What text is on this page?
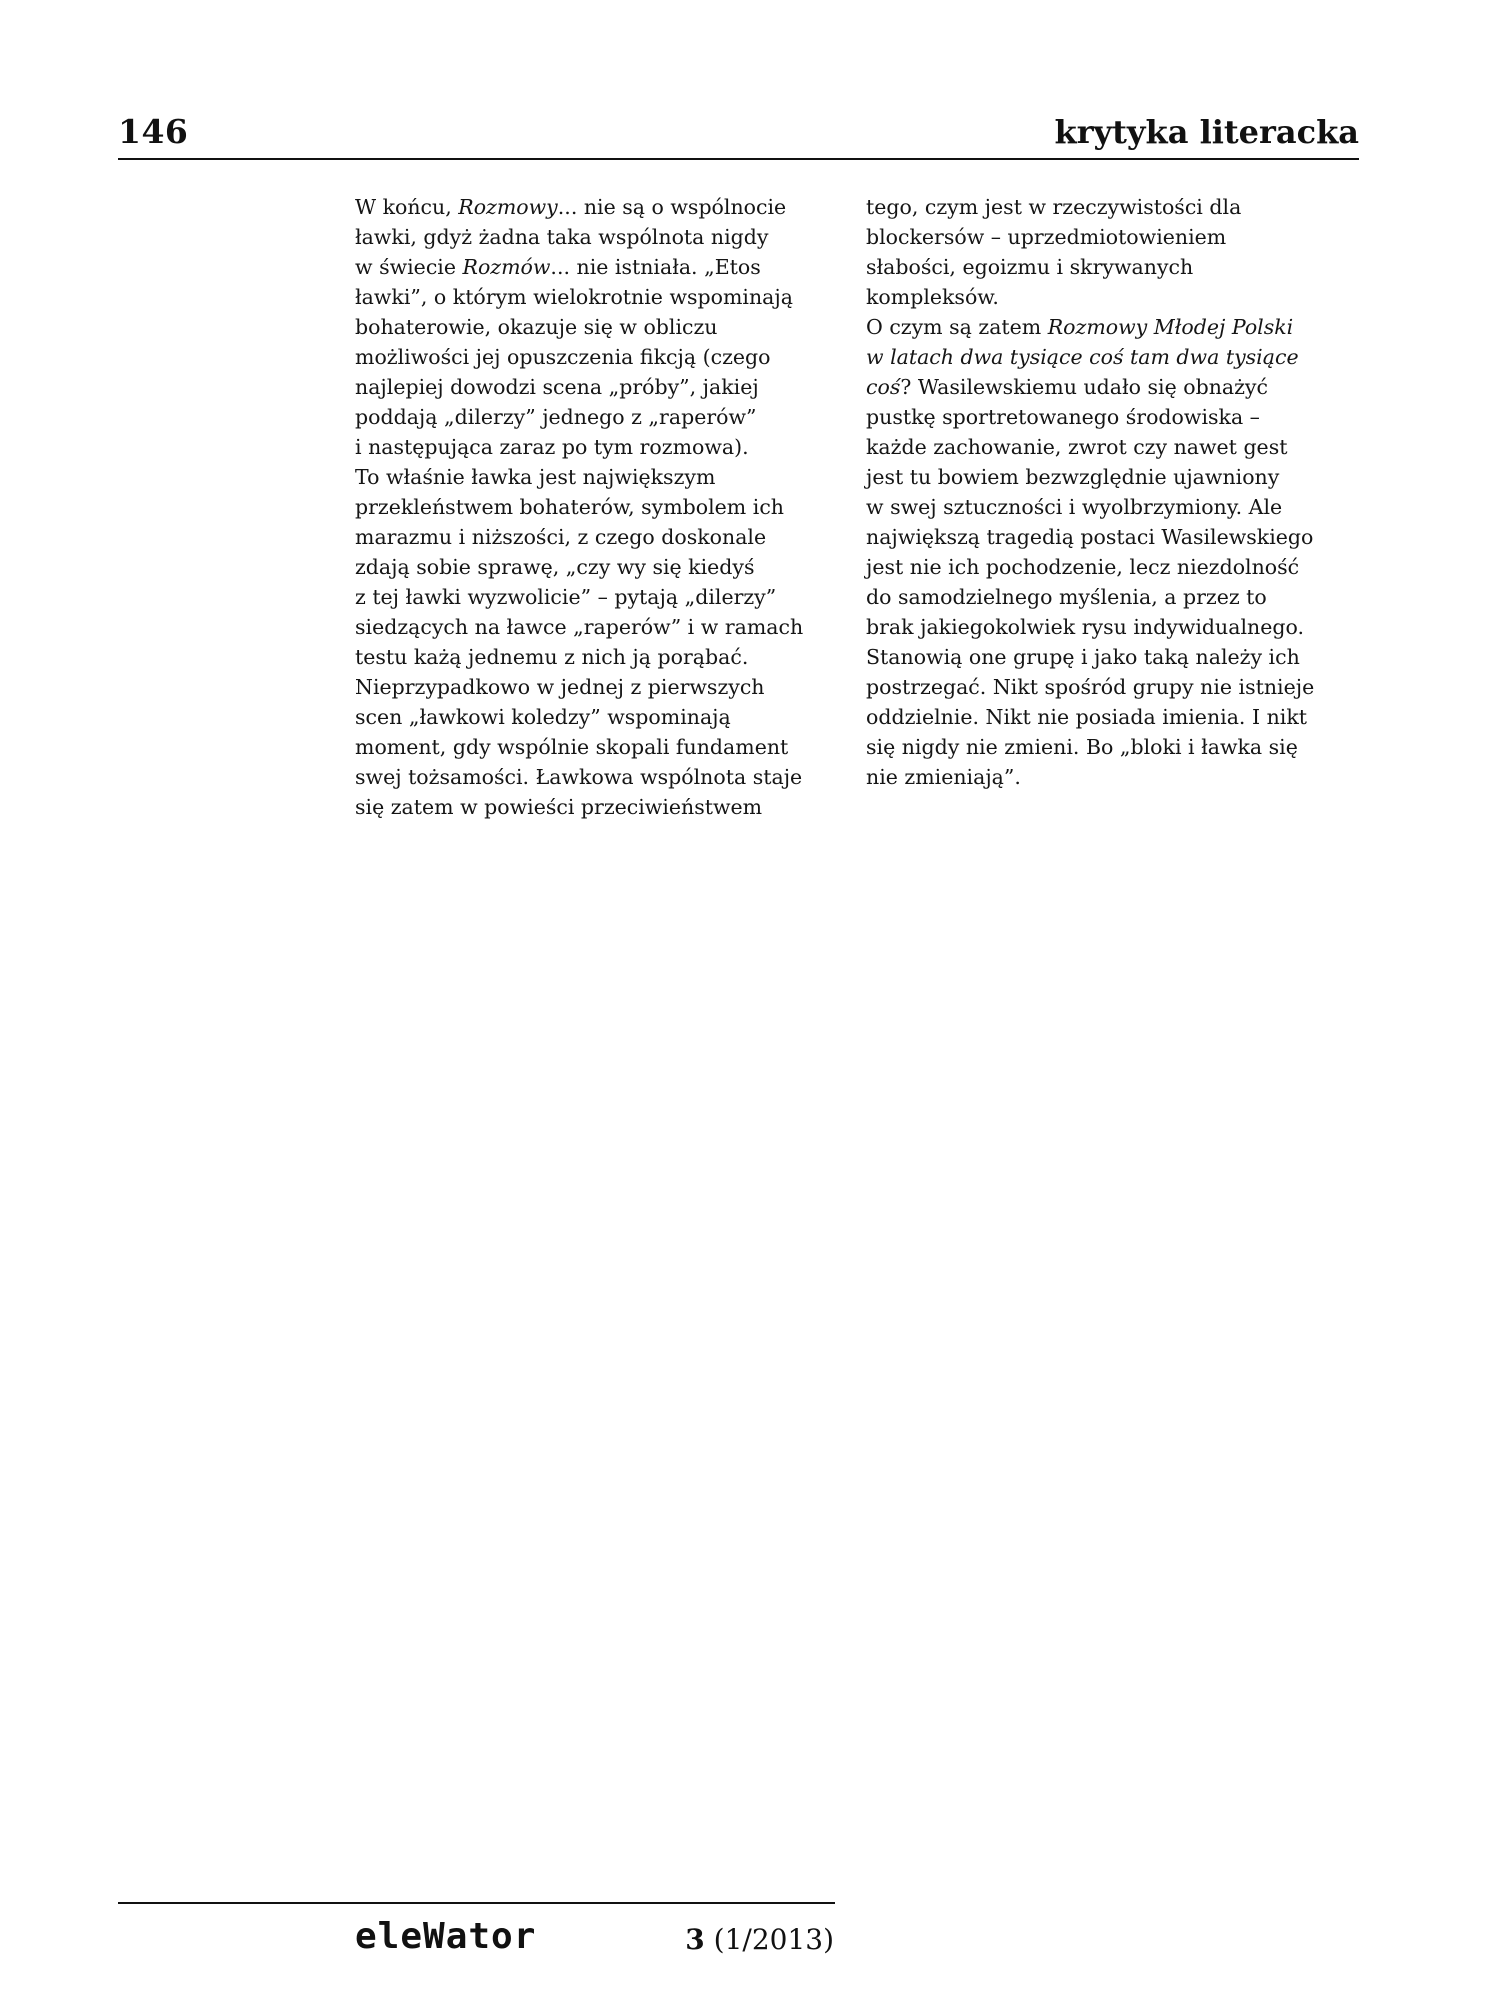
146	krytyka literacka
W końcu, Rozmowy... nie są o wspólnocie
ławki, gdyż żadna taka wspólnota nigdy
w świecie Rozmów... nie istniała. „Etos
ławki”, o którym wielokrotnie wspominają
bohaterowie, okazuje się w obliczu
możliwości jej opuszczenia fikcją (czego
najlepiej dowodzi scena „próby”, jakiej
poddają „dilerzy” jednego z „raperów”
i następująca zaraz po tym rozmowa).
To właśnie ławka jest największym
przekleństwem bohaterów, symbolem ich
marazmu i niższości, z czego doskonale
zdają sobie sprawę, „czy wy się kiedyś
z tej ławki wyzwolicie” – pytają „dilerzy”
siedzących na ławce „raperów” i w ramach
testu każą jednemu z nich ją porąbać.
Nieprzypadkowo w jednej z pierwszych
scen „ławkowi koledzy” wspominają
moment, gdy wspólnie skopali fundament
swej tożsamości. Ławkowa wspólnota staje
się zatem w powieści przeciwieństwem
tego, czym jest w rzeczywistości dla
blockersów – uprzedmiotowieniem
słabości, egoizmu i skrywanych
kompleksów.
O czym są zatem Rozmowy Młodej Polski
w latach dwa tysiące coś tam dwa tysiące
coś? Wasilewskiemu udało się obnażyć
pustkę sportretowanego środowiska –
każde zachowanie, zwrot czy nawet gest
jest tu bowiem bezwzględnie ujawniony
w swej sztuczności i wyolbrzymiony. Ale
największą tragedią postaci Wasilewskiego
jest nie ich pochodzenie, lecz niezdolność
do samodzielnego myślenia, a przez to
brak jakiegokolwiek rysu indywidualnego.
Stanowią one grupę i jako taką należy ich
postrzegać. Nikt spośród grupy nie istnieje
oddzielnie. Nikt nie posiada imienia. I nikt
się nigdy nie zmieni. Bo „bloki i ławka się
nie zmieniają”.
eleWator	3 (1/2013)
